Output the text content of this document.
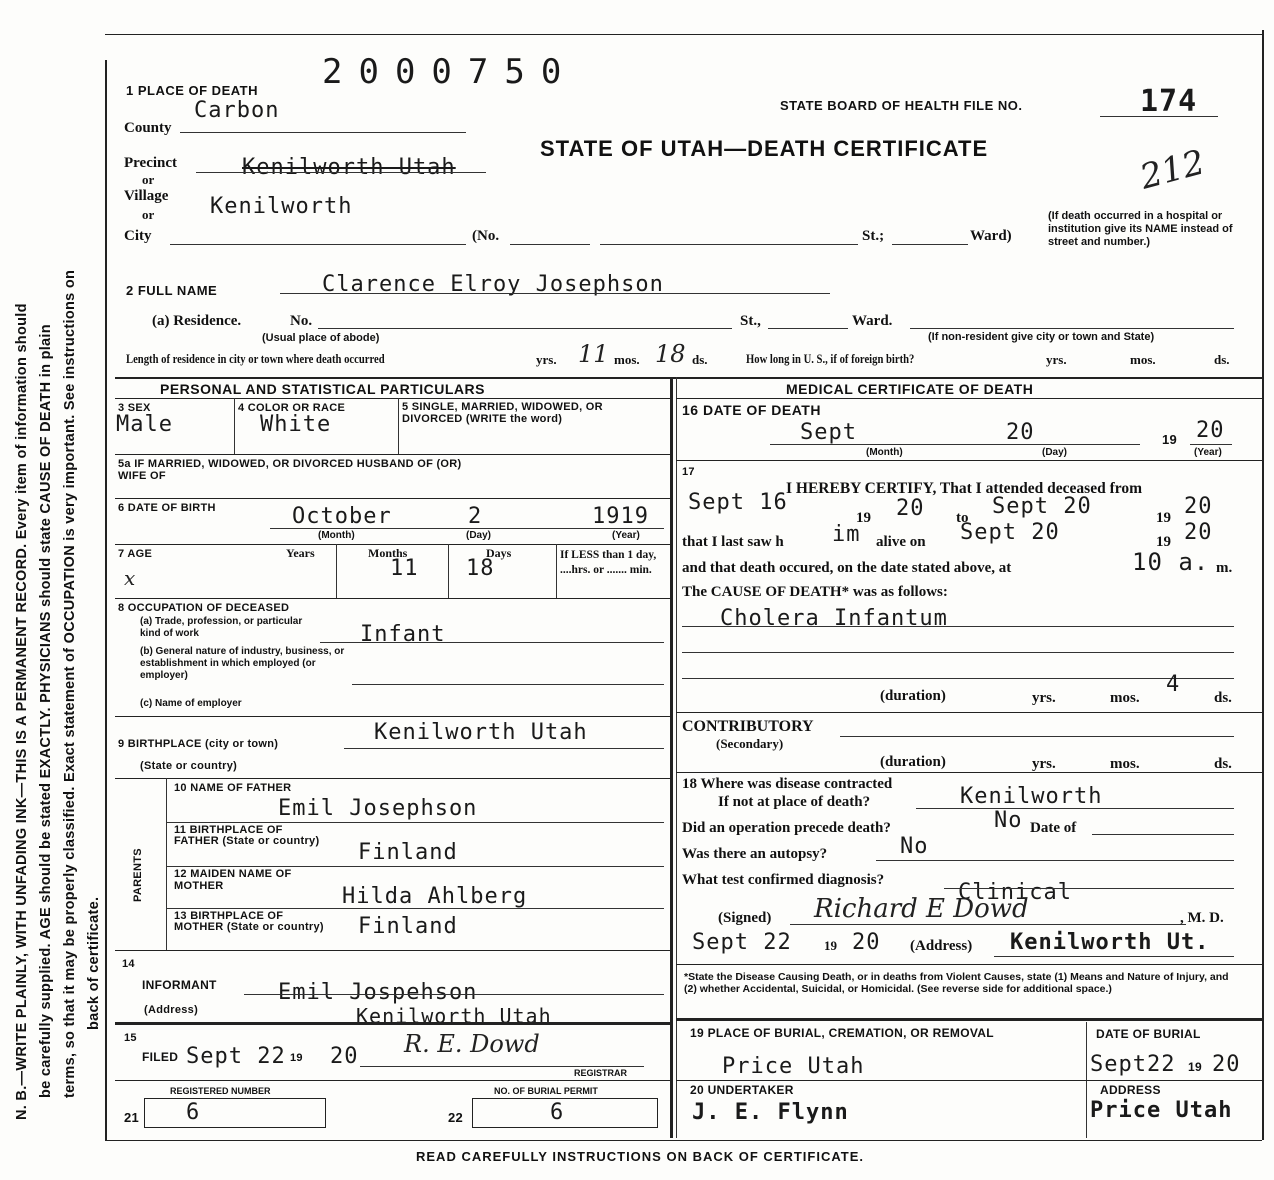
N. B.—WRITE PLAINLY, WITH UNFADING INK—THIS IS A PERMANENT RECORD. Every item of information should be carefully supplied. AGE should be stated EXACTLY. PHYSICIANS should state CAUSE OF DEATH in plain terms, so that it may be properly classified. Exact statement of OCCUPATION is very important. See instructions on back of certificate.
2000750
STATE BOARD OF HEALTH FILE NO.	174
212
STATE OF UTAH—DEATH CERTIFICATE
1 PLACE OF DEATH
Carbon
County
Precinct	Kenilworth Utah
or
Village Kenilworth
or
City	(No.	St.;	Ward)
(If death occurred in a hospital or institution give its NAME instead of street and number.)
2 FULL NAME	Clarence Elroy Josephson
(a) Residence.	No.	St.,	Ward.
(Usual place of abode)	(If non-resident give city or town and State)
Length of residence in city or town where death occurred	yrs. 11 mos. 18 ds.	How long in U. S., if of foreign birth?	yrs.	mos.	ds.
PERSONAL AND STATISTICAL PARTICULARS
3 SEX
Male
4 COLOR OR RACE
White
5 SINGLE, MARRIED, WIDOWED, OR DIVORCED (WRITE the word)
5a IF MARRIED, WIDOWED, OR DIVORCED HUSBAND OF (OR) WIFE OF
6 DATE OF BIRTH	October	2	1919
(Month)	(Day)	(Year)
7 AGE	Years
x
Months
11
Days
18
If LESS than 1 day, ....hrs. or ....... min.
8 OCCUPATION OF DECEASED
(a) Trade, profession, or particular kind of work	Infant
(b) General nature of industry, business, or establishment in which employed (or employer)
(c) Name of employer
9 BIRTHPLACE (city or town)	Kenilworth Utah
(State or country)
PARENTS
10 NAME OF FATHER
Emil Josephson
11 BIRTHPLACE OF FATHER (State or country) Finland
12 MAIDEN NAME OF MOTHER	Hilda Ahlberg
13 BIRTHPLACE OF MOTHER (State or country) Finland
14
INFORMANT	Emil Jospehson
(Address)	Kenilworth Utah
15
FILED Sept 22 19 20 R. E. Dowd
REGISTRAR
REGISTERED NUMBER
21 6
NO. OF BURIAL PERMIT
22	6
MEDICAL CERTIFICATE OF DEATH
16 DATE OF DEATH
Sept	20	19 20
(Month)	(Day)	(Year)
17
Sept 16
I HEREBY CERTIFY, That I attended deceased from
19 20 to Sept 20	19 20
that I last saw h im alive on Sept 20	19 20
and that death occured, on the date stated above, at	10 a. m.
The CAUSE OF DEATH* was as follows:
Cholera Infantum
(duration)	yrs.	mos.
4
ds.
CONTRIBUTORY
(Secondary)
(duration)	yrs.	mos.	ds.
18 Where was disease contracted
If not at place of death?	Kenilworth
Did an operation precede death?	No Date of
Was there an autopsy?	No
What test confirmed diagnosis?	Clinical
(Signed) Richard E Dowd	, M. D.
Sept 22 19 20 (Address) Kenilworth Ut.
*State the Disease Causing Death, or in deaths from Violent Causes, state (1) Means and Nature of Injury, and (2) whether Accidental, Suicidal, or Homicidal. (See reverse side for additional space.)
19 PLACE OF BURIAL, CREMATION, OR REMOVAL
Price Utah
DATE OF BURIAL
Sept22 19 20
20 UNDERTAKER
J. E. Flynn
ADDRESS
Price Utah
READ CAREFULLY INSTRUCTIONS ON BACK OF CERTIFICATE.
